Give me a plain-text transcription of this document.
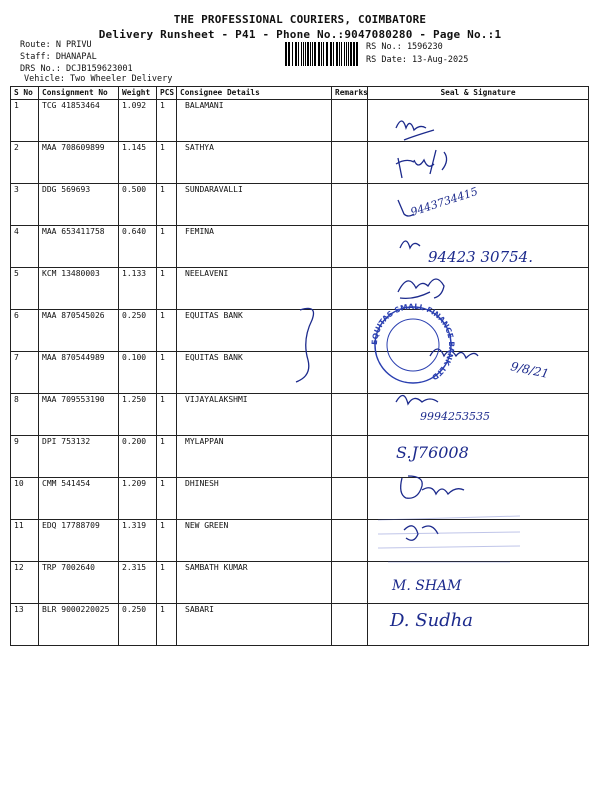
THE PROFESSIONAL COURIERS, COIMBATORE
Delivery Runsheet - P41 - Phone No.:9047080280 - Page No.:1
Route: N PRIVU
Staff: DHANAPAL
DRS No.: DCJB159623001
Vehicle: Two Wheeler Delivery
RS No.: 1596230
RS Date: 13-Aug-2025
S No	Consignment No	Weight	PCS	Consignee Details	Remarks	Seal & Signature
1	TCG 41853464	1.092	1	BALAMANI		
2	MAA 708609899	1.145	1	SATHYA		
3	DDG 569693	0.500	1	SUNDARAVALLI		
4	MAA 653411758	0.640	1	FEMINA		
5	KCM 13480003	1.133	1	NEELAVENI		
6	MAA 870545026	0.250	1	EQUITAS BANK		
7	MAA 870544989	0.100	1	EQUITAS BANK		
8	MAA 709553190	1.250	1	VIJAYALAKSHMI		
9	DPI 753132	0.200	1	MYLAPPAN		
10	CMM 541454	1.209	1	DHINESH		
11	EDQ 17788709	1.319	1	NEW GREEN		
12	TRP 7002640	2.315	1	SAMBATH KUMAR		
13	BLR 9000220025	0.250	1	SABARI		
9443734415
94423 30754.
9/8/21
EQUITAS SMALL FINANCE BANK LTD
9994253535
S.J76008
M. SHAM
D. Sudha
